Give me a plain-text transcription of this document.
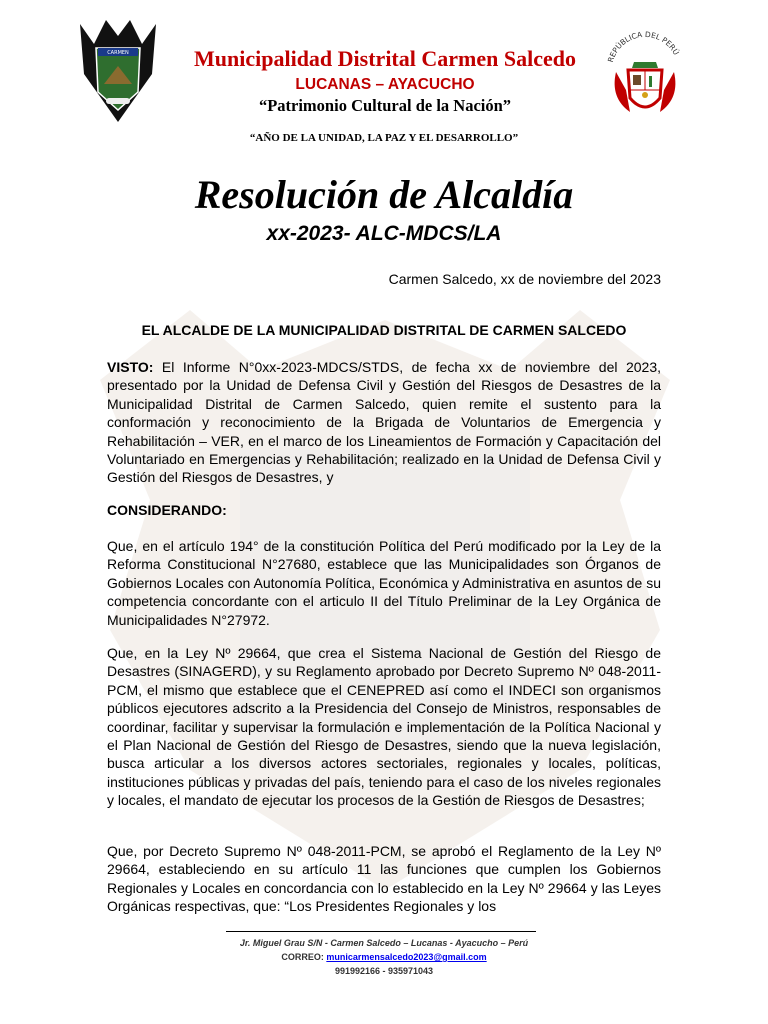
CARMEN
REPÚBLICA DEL PERÚ
Municipalidad Distrital Carmen Salcedo

LUCANAS – AYACUCHO

“Patrimonio Cultural de la Nación”

“AÑO DE LA UNIDAD, LA PAZ Y EL DESARROLLO”

Resolución de Alcaldía

xx-2023- ALC-MDCS/LA

Carmen Salcedo, xx de noviembre del 2023

EL ALCALDE DE LA MUNICIPALIDAD DISTRITAL DE CARMEN SALCEDO

VISTO: El Informe N°0xx-2023-MDCS/STDS, de fecha xx de noviembre del 2023, presentado por la Unidad de Defensa Civil y Gestión del Riesgos de Desastres de la Municipalidad Distrital de Carmen Salcedo, quien remite el sustento para la conformación y reconocimiento de la Brigada de Voluntarios de Emergencia y Rehabilitación – VER, en el marco de los Lineamientos de Formación y Capacitación del Voluntariado en Emergencias y Rehabilitación; realizado en la Unidad de Defensa Civil y Gestión del Riesgos de Desastres, y

CONSIDERANDO:

Que, en el artículo 194° de la constitución Política del Perú modificado por la Ley de la Reforma Constitucional N°27680, establece que las Municipalidades son Órganos de Gobiernos Locales con Autonomía Política, Económica y Administrativa en asuntos de su competencia concordante con el articulo II del Título Preliminar de la Ley Orgánica de Municipalidades N°27972.

Que, en la Ley Nº 29664, que crea el Sistema Nacional de Gestión del Riesgo de Desastres (SINAGERD), y su Reglamento aprobado por Decreto Supremo Nº 048-2011-PCM, el mismo que establece que el CENEPRED así como el INDECI son organismos públicos ejecutores adscrito a la Presidencia del Consejo de Ministros, responsables de coordinar, facilitar y supervisar la formulación e implementación de la Política Nacional y el Plan Nacional de Gestión del Riesgo de Desastres, siendo que la nueva legislación, busca articular a los diversos actores sectoriales, regionales y locales, políticas, instituciones públicas y privadas del país, teniendo para el caso de los niveles regionales y locales, el mandato de ejecutar los procesos de la Gestión de Riesgos de Desastres;

Que, por Decreto Supremo Nº 048-2011-PCM, se aprobó el Reglamento de la Ley Nº 29664, estableciendo en su artículo 11 las funciones que cumplen los Gobiernos Regionales y Locales en concordancia con lo establecido en la Ley Nº 29664 y las Leyes Orgánicas respectivas, que: “Los Presidentes Regionales y los

Jr. Miguel Grau S/N - Carmen Salcedo – Lucanas - Ayacucho – Perú

CORREO: municarmensalcedo2023@gmail.com

991992166 - 935971043
